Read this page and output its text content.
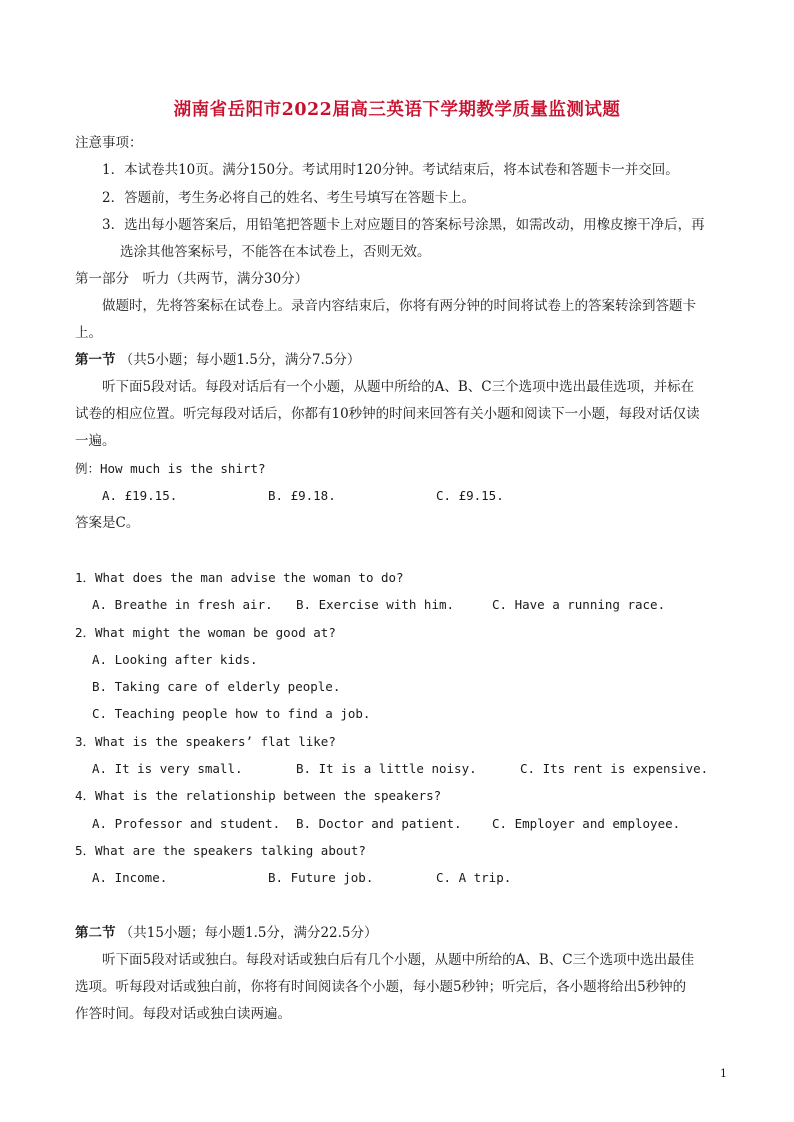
湖南省岳阳市2022届高三英语下学期教学质量监测试题
注意事项：
1．本试卷共10页。满分150分。考试用时120分钟。考试结束后，将本试卷和答题卡一并交回。
2．答题前，考生务必将自己的姓名、考生号填写在答题卡上。
3．选出每小题答案后，用铅笔把答题卡上对应题目的答案标号涂黑，如需改动，用橡皮擦干净后，再
选涂其他答案标号，不能答在本试卷上，否则无效。
第一部分　听力（共两节，满分30分）
做题时，先将答案标在试卷上。录音内容结束后，你将有两分钟的时间将试卷上的答案转涂到答题卡
上。
第一节 （共5小题；每小题1.5分，满分7.5分）
听下面5段对话。每段对话后有一个小题，从题中所给的A、B、C三个选项中选出最佳选项，并标在
试卷的相应位置。听完每段对话后，你都有10秒钟的时间来回答有关小题和阅读下一小题，每段对话仅读
一遍。
例：How much is the shirt?
A. £19.15.	B. £9.18.	C. £9.15.
答案是C。
1．What does the man advise the woman to do?
A. Breathe in fresh air. B. Exercise with him.	C. Have a running race.
2．What might the woman be good at?
A. Looking after kids.
B. Taking care of elderly people.
C. Teaching people how to find a job.
3．What is the speakers’ flat like?
A. It is very small.	B. It is a little noisy.	C. Its rent is expensive.
4．What is the relationship between the speakers?
A. Professor and student. B. Doctor and patient. C. Employer and employee.
5．What are the speakers talking about?
A. Income.	B. Future job.	C. A trip.
第二节 （共15小题；每小题1.5分，满分22.5分）
听下面5段对话或独白。每段对话或独白后有几个小题，从题中所给的A、B、C三个选项中选出最佳
选项。听每段对话或独白前，你将有时间阅读各个小题，每小题5秒钟；听完后，各小题将给出5秒钟的
作答时间。每段对话或独白读两遍。
1
